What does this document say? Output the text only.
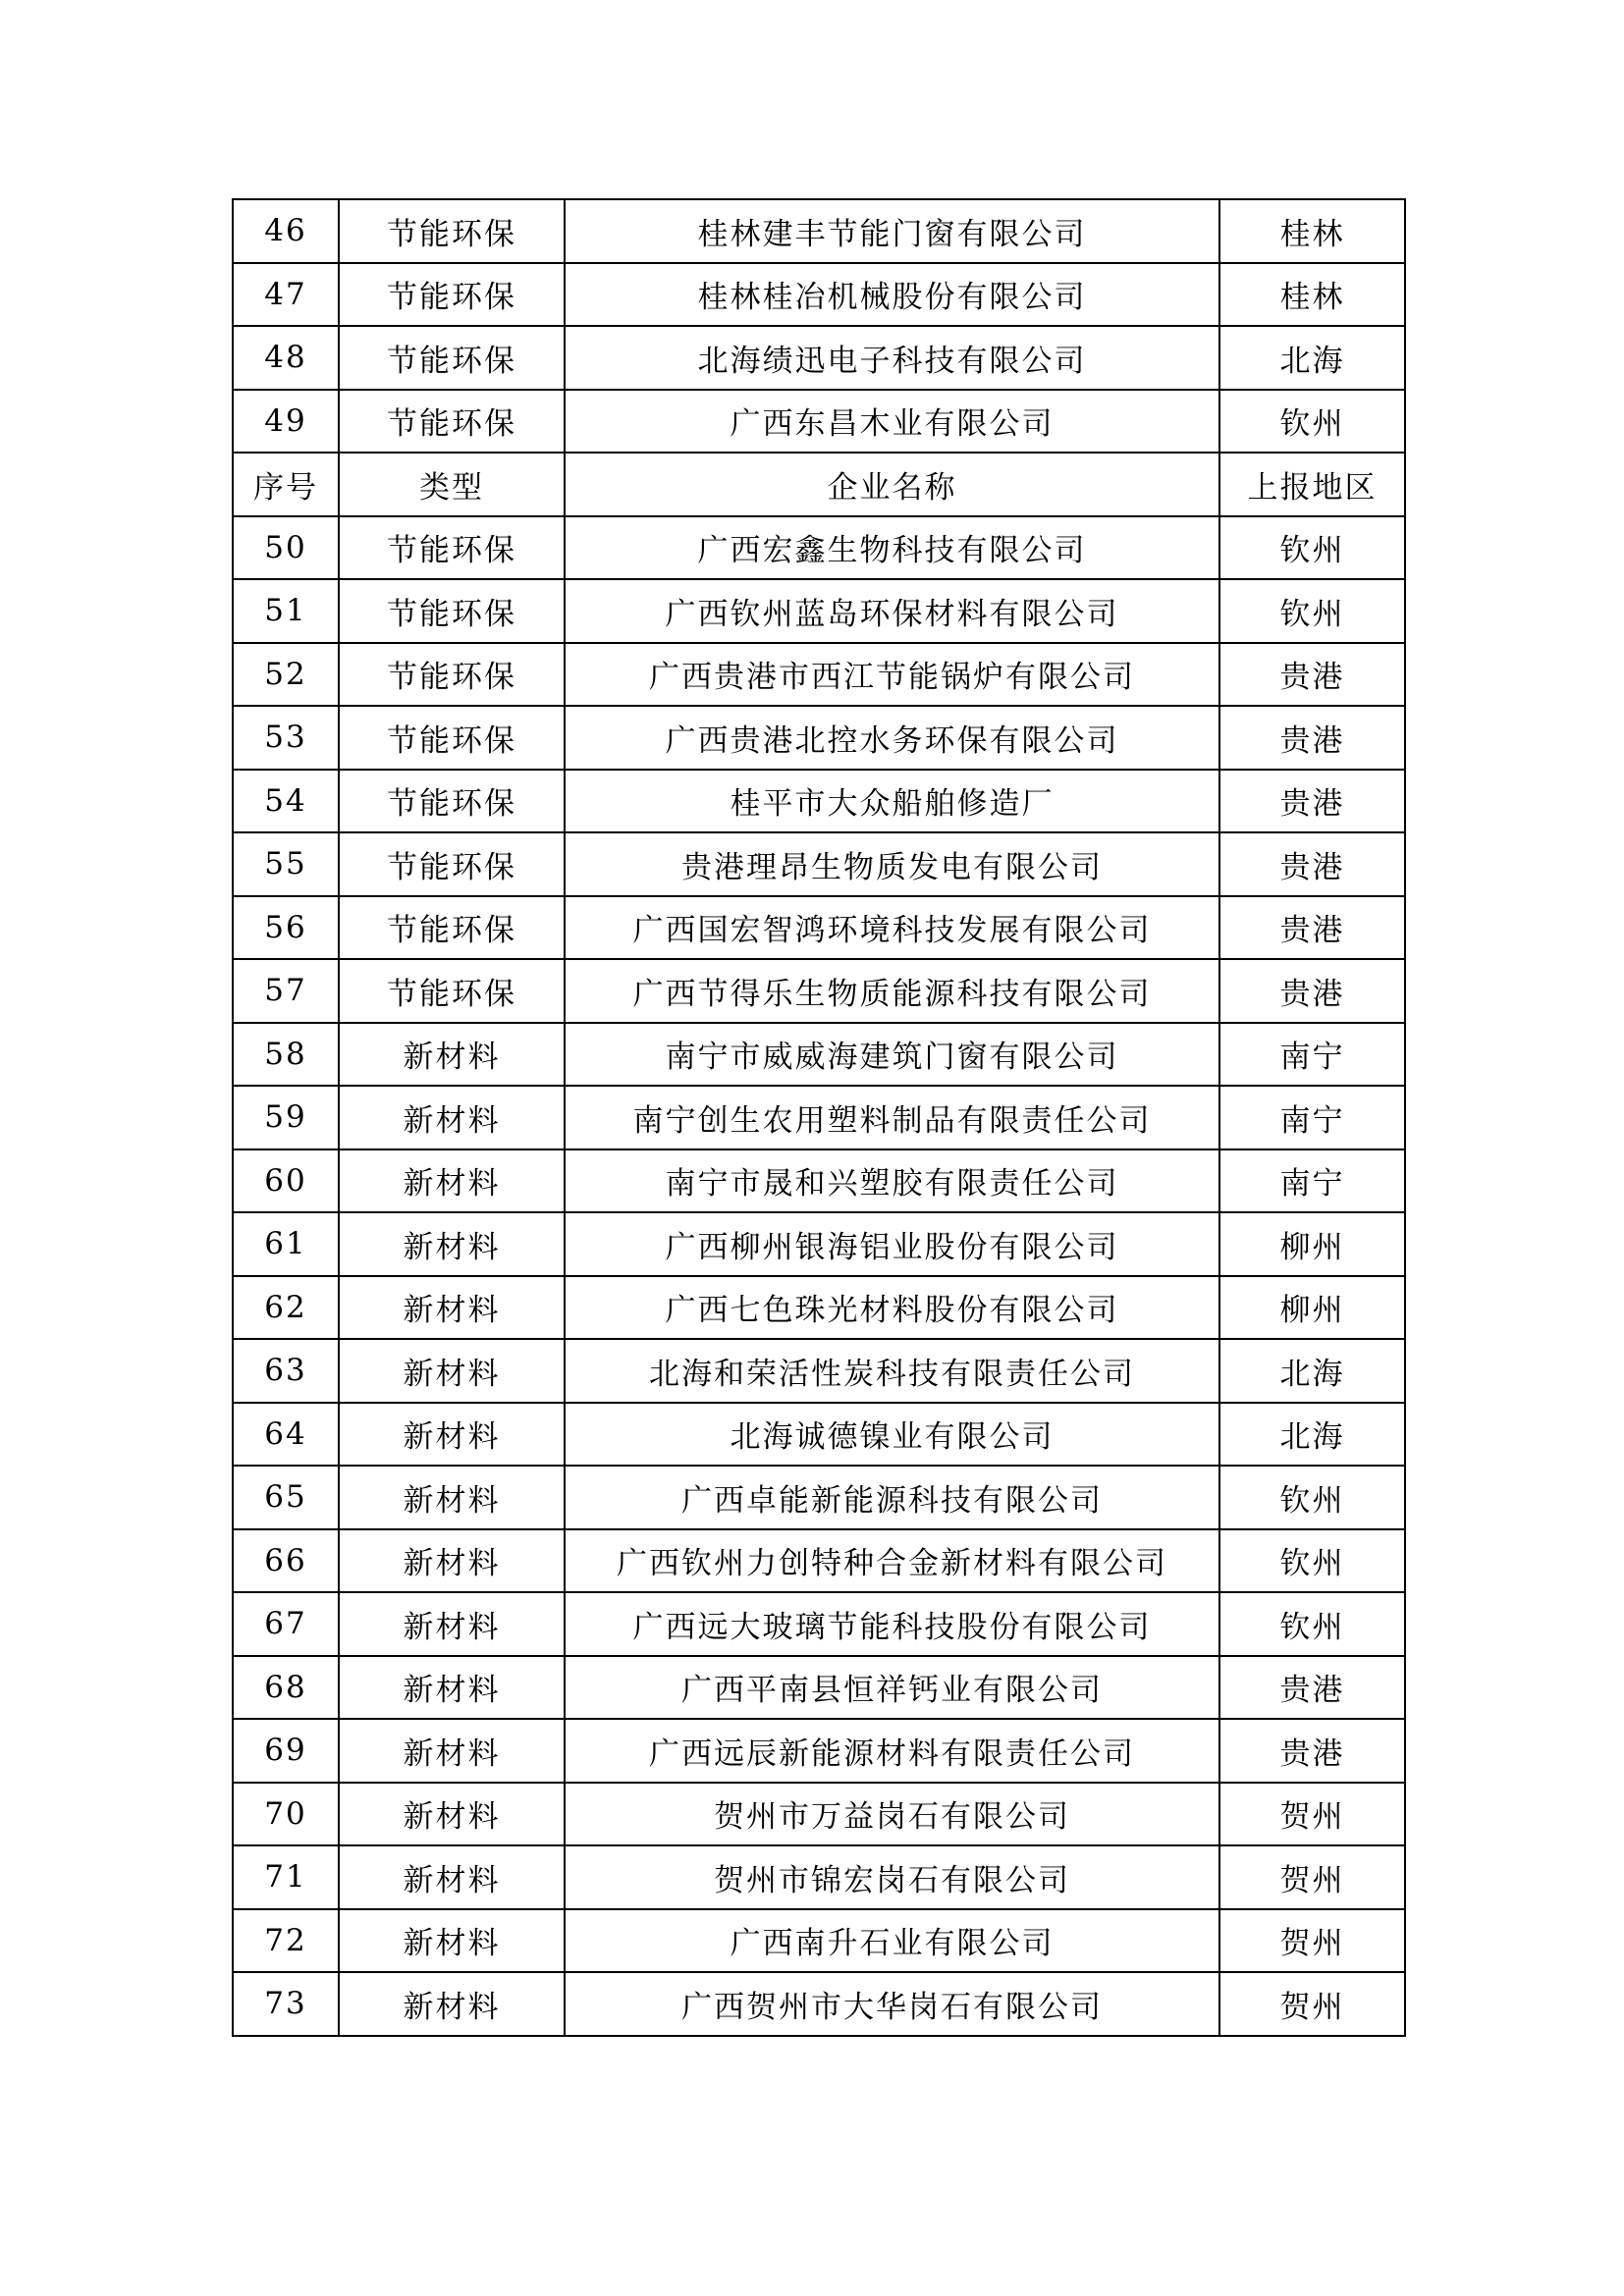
46	节能环保	桂林建丰节能门窗有限公司	桂林
47	节能环保	桂林桂冶机械股份有限公司	桂林
48	节能环保	北海绩迅电子科技有限公司	北海
49	节能环保	广西东昌木业有限公司	钦州
序号	类型	企业名称	上报地区
50	节能环保	广西宏鑫生物科技有限公司	钦州
51	节能环保	广西钦州蓝岛环保材料有限公司	钦州
52	节能环保	广西贵港市西江节能锅炉有限公司	贵港
53	节能环保	广西贵港北控水务环保有限公司	贵港
54	节能环保	桂平市大众船舶修造厂	贵港
55	节能环保	贵港理昂生物质发电有限公司	贵港
56	节能环保	广西国宏智鸿环境科技发展有限公司	贵港
57	节能环保	广西节得乐生物质能源科技有限公司	贵港
58	新材料	南宁市威威海建筑门窗有限公司	南宁
59	新材料	南宁创生农用塑料制品有限责任公司	南宁
60	新材料	南宁市晟和兴塑胶有限责任公司	南宁
61	新材料	广西柳州银海铝业股份有限公司	柳州
62	新材料	广西七色珠光材料股份有限公司	柳州
63	新材料	北海和荣活性炭科技有限责任公司	北海
64	新材料	北海诚德镍业有限公司	北海
65	新材料	广西卓能新能源科技有限公司	钦州
66	新材料	广西钦州力创特种合金新材料有限公司	钦州
67	新材料	广西远大玻璃节能科技股份有限公司	钦州
68	新材料	广西平南县恒祥钙业有限公司	贵港
69	新材料	广西远辰新能源材料有限责任公司	贵港
70	新材料	贺州市万益岗石有限公司	贺州
71	新材料	贺州市锦宏岗石有限公司	贺州
72	新材料	广西南升石业有限公司	贺州
73	新材料	广西贺州市大华岗石有限公司	贺州
